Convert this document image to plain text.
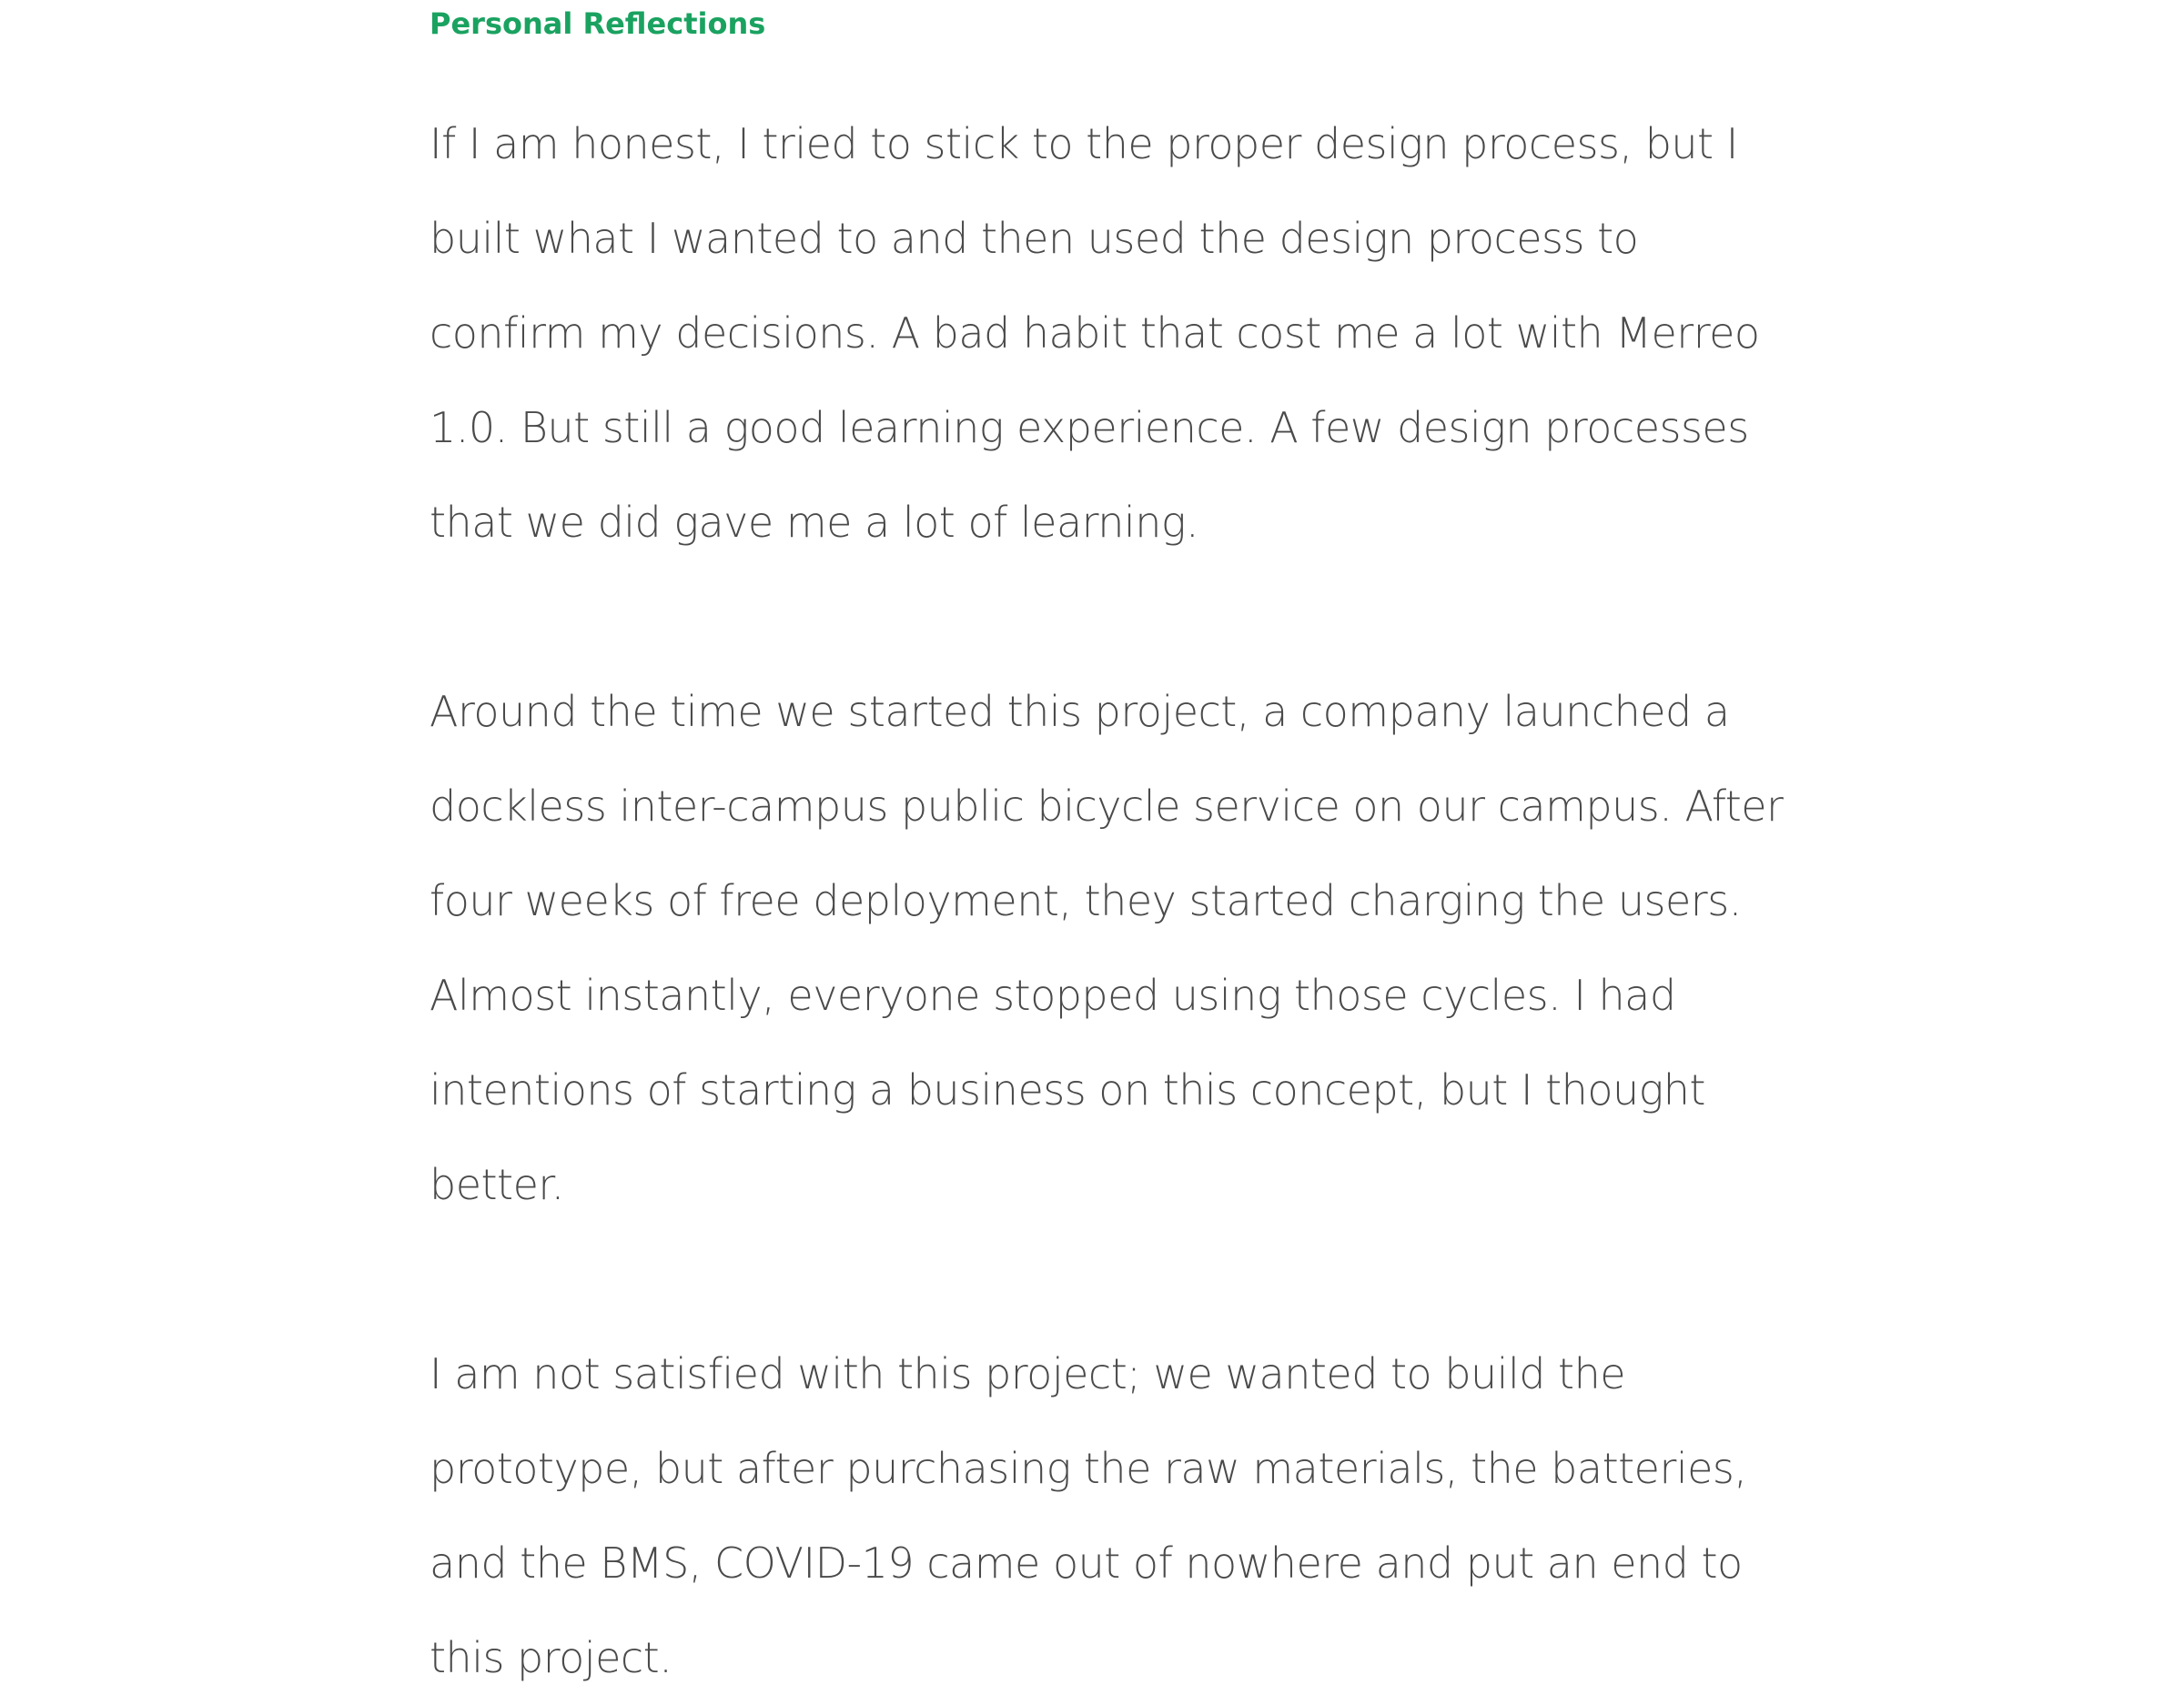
Personal Reflections

If I am honest, I tried to stick to the proper design process, but I built what I wanted to and then used the design process to confirm my decisions. A bad habit that cost me a lot with Merreo 1.0. But still a good learning experience. A few design processes that we did gave me a lot of learning.

Around the time we started this project, a company launched a dockless inter-campus public bicycle service on our campus. After four weeks of free deployment, they started charging the users. Almost instantly, everyone stopped using those cycles. I had intentions of starting a business on this concept, but I thought better.

I am not satisfied with this project; we wanted to build the prototype, but after purchasing the raw materials, the batteries, and the BMS, COVID-19 came out of nowhere and put an end to this project.
